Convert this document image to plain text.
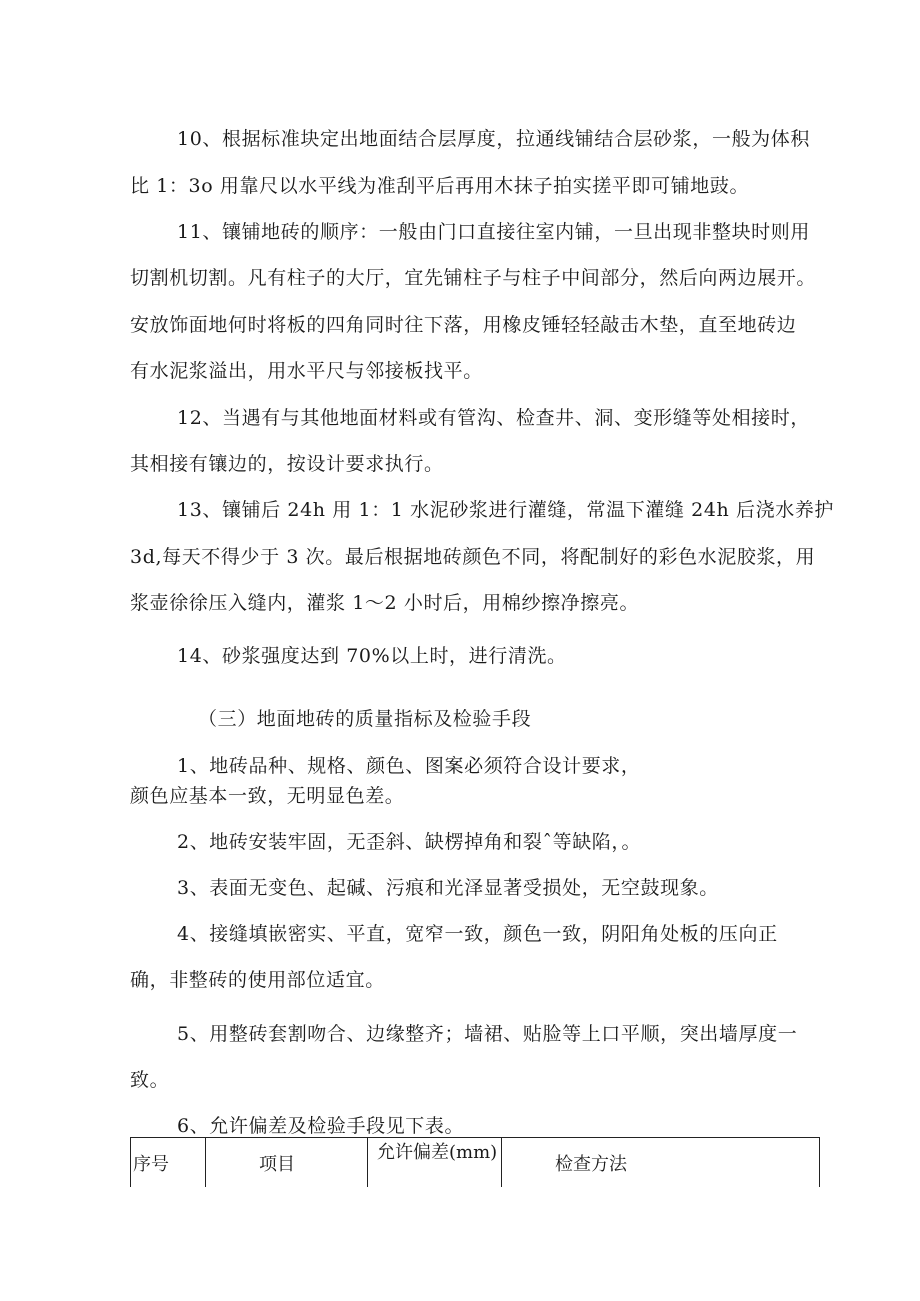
10、根据标准块定出地面结合层厚度，拉通线铺结合层砂浆，一般为体积
比 1：3o 用靠尺以水平线为准刮平后再用木抹子拍实搓平即可铺地豉。
11、镶铺地砖的顺序：一般由门口直接往室内铺，一旦出现非整块时则用
切割机切割。凡有柱子的大厅，宜先铺柱子与柱子中间部分，然后向两边展开。
安放饰面地何时将板的四角同时往下落，用橡皮锤轻轻敲击木垫，直至地砖边
有水泥浆溢出，用水平尺与邻接板找平。
12、当遇有与其他地面材料或有管沟、检查井、洞、变形缝等处相接时，
其相接有镶边的，按设计要求执行。
13、镶铺后 24h 用 1：1 水泥砂浆进行灌缝，常温下灌缝 24h 后浇水养护
3d,每天不得少于 3 次。最后根据地砖颜色不同，将配制好的彩色水泥胶浆，用
浆壶徐徐压入缝内，灌浆 1～2 小时后，用棉纱擦净擦亮。
14、砂浆强度达到 70%以上时，进行清洗。
（三）地面地砖的质量指标及检验手段
1、地砖品种、规格、颜色、图案必须符合设计要求，
颜色应基本一致，无明显色差。
2、地砖安装牢固，无歪斜、缺楞掉角和裂ˆ等缺陷，。
3、表面无变色、起碱、污痕和光泽显著受损处，无空鼓现象。
4、接缝填嵌密实、平直，宽窄一致，颜色一致，阴阳角处板的压向正
确，非整砖的使用部位适宜。
5、用整砖套割吻合、边缘整齐；墙裙、贴脸等上口平顺，突出墙厚度一
致。
6、允许偏差及检验手段见下表。
序号	项目
允许偏差(mm)
检查方法
